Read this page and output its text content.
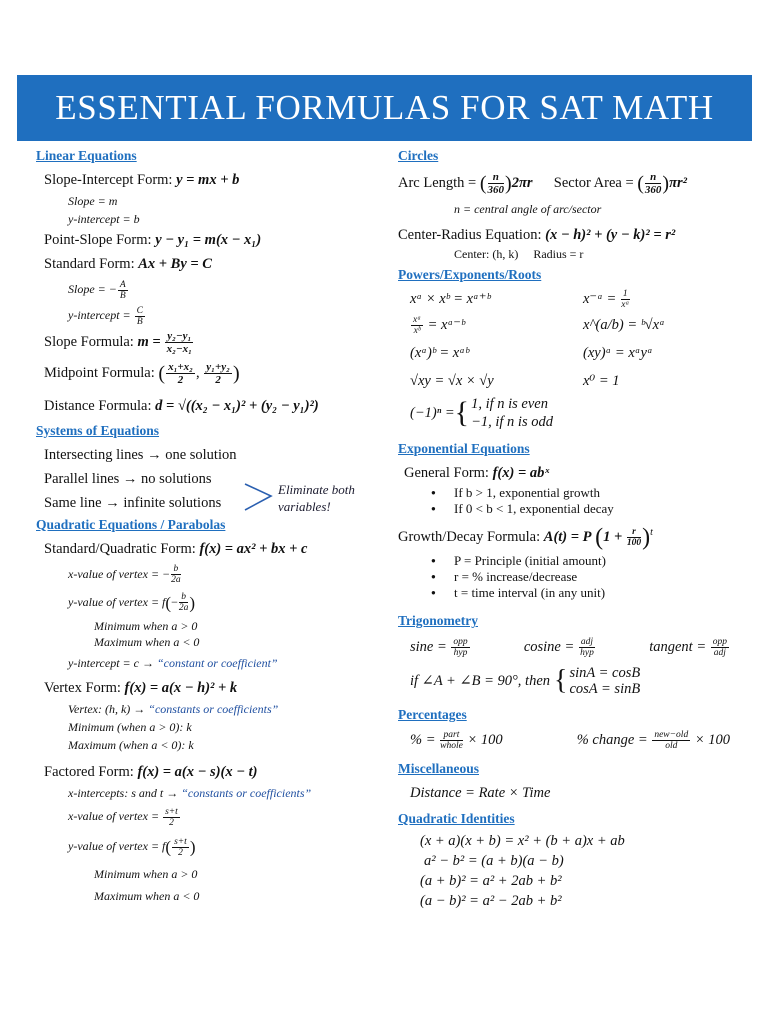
ESSENTIAL FORMULAS FOR SAT MATH
Linear Equations
Slope-Intercept Form: y = mx + b
Slope = m
y-intercept = b
Point-Slope Form: y − y₁ = m(x − x₁)
Standard Form: Ax + By = C
Slope = − $\frac{A}{B}$
y-intercept = $\frac{C}{B}$
Slope Formula: $m = \frac{\text{y₂−y₁}}{\text{x₂−x₁}}$
Midpoint Formula: ( $\frac{\text{x₁+x₂}}{2}$ , $\frac{\text{y₁+y₂}}{2}$ )
Distance Formula: d = √((x₂ − x₁)² + (y₂ − y₁)²)
Systems of Equations
Intersecting lines → one solution
Parallel lines → no solutions
Same line → infinite solutions
Quadratic Equations / Parabolas
Standard/Quadratic Form: f(x) = ax² + bx + c
x-value of vertex = − $\frac{b}{2a}$
y-value of vertex = $f(- \frac{b}{2a}$ )
Minimum when a > 0
Maximum when a < 0
y-intercept = c → “constant or coefficient”
Vertex Form: f(x) = a(x − h)² + k
Vertex: (h, k) → “constants or coefficients”
Minimum (when a > 0): k
Maximum (when a < 0): k
Factored Form: f(x) = a(x − s)(x − t)
x-intercepts: s and t → “constants or coefficients”
x-value of vertex = $\frac{s+t}{2}$
y-value of vertex = $f( \frac{s+t}{2}$ )
Minimum when a > 0
Maximum when a < 0
Eliminate both variables!
Circles
Arc Length = ( $\frac{n}{360} )2\pi r$ Sector Area = ( $\frac{n}{360} )\pi r^2$
n = central angle of arc/sector
Center-Radius Equation: (x − h)² + (y − k)² = r²
Center: (h, k)     Radius = r
Powers/Exponents/Roots
xᵃ × xᵇ = xᵃ⁺ᵇ	x⁻ᵃ = $\frac{1}{\text{xᵃ}}$
$\frac{\text{xᵃ}}{\text{xᵇ}}$ = xᵃ⁻ᵇ	x^(a/b) = ᵇ√xᵃ
(xᵃ)ᵇ = xᵃᵇ	(xy)ᵃ = xᵃyᵃ
√xy = √x × √y	x⁰ = 1
(−1)ⁿ = { 1, if n is even
−1, if n is odd
Exponential Equations
General Form: f(x) = abˣ
● If b > 1, exponential growth
● If 0 < b < 1, exponential decay
Growth/Decay Formula: A(t) = P $(1 + \frac{r}{100} )^t$
● P = Principle (initial amount)
● r = % increase/decrease
● t = time interval (in any unit)
Trigonometry
$\sin e = \frac{\text{opp}}{\text{hyp}}$	$cosine = \frac{\text{adj}}{\text{hyp}}$	tangent = $\frac{\text{opp}}{\text{adj}}$
if ∠A + ∠B = 90°, then { sinA = cosB
cosA = sinB
Percentages
% = $\frac{\text{part}}{\text{whole}} \times 100$	% change = $\frac{\text{new−old}}{\text{old}} \times 100$
Miscellaneous
Distance = Rate × Time
Quadratic Identities
(x + a)(x + b) = x² + (b + a)x + ab
a² − b² = (a + b)(a − b)
(a + b)² = a² + 2ab + b²
(a − b)² = a² − 2ab + b²
